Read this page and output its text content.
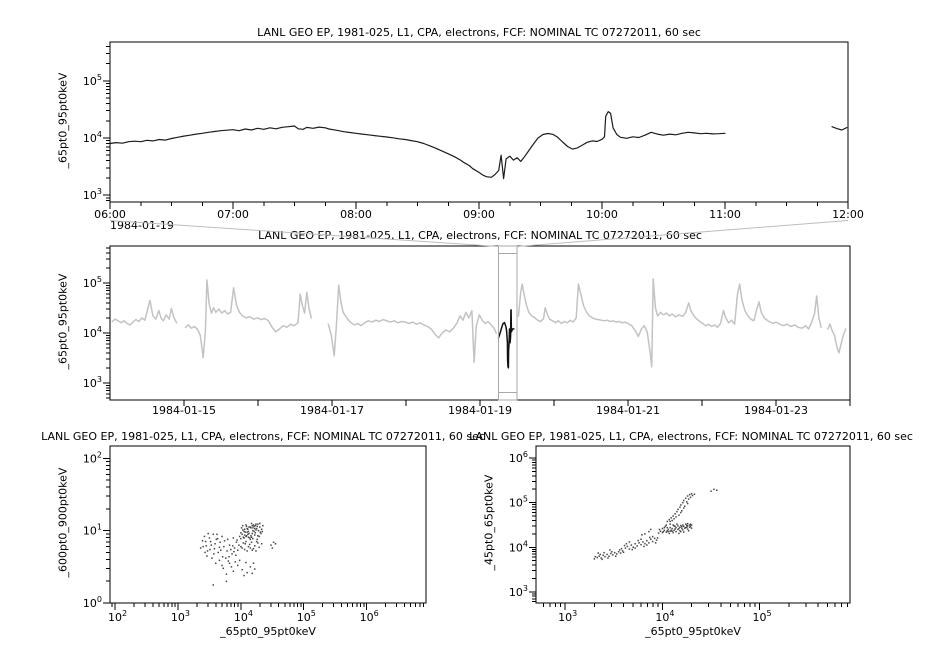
LANL GEO EP, 1981-025, L1, CPA, electrons, FCF: NOMINAL TC 07272011, 60 sec
LANL GEO EP, 1981-025, L1, CPA, electrons, FCF: NOMINAL TC 07272011, 60 sec
LANL GEO EP, 1981-025, L1, CPA, electrons, FCF: NOMINAL TC 07272011, 60 sec
LANL GEO EP, 1981-025, L1, CPA, electrons, FCF: NOMINAL TC 07272011, 60 sec
_65pt0_95pt0keV
_65pt0_95pt0keV
_600pt0_900pt0keV	_45pt0_65pt0keV
_65pt0_95pt0keV	_65pt0_95pt0keV
1984-01-19
$10^3$
$10^4$
$10^5$
06:00	07:00	08:00	09:00	10:00	11:00	12:00
$10^3$
$10^4$
$10^5$
1984-01-15	1984-01-17	1984-01-19	1984-01-21	1984-01-23
$10^0$
$10^1$
$10^2$
$10^2$	$10^3$	$10^4$	$10^5$	$10^6$
$10^3$
$10^4$
$10^5$
$10^6$
$10^3$	$10^4$	$10^5$
